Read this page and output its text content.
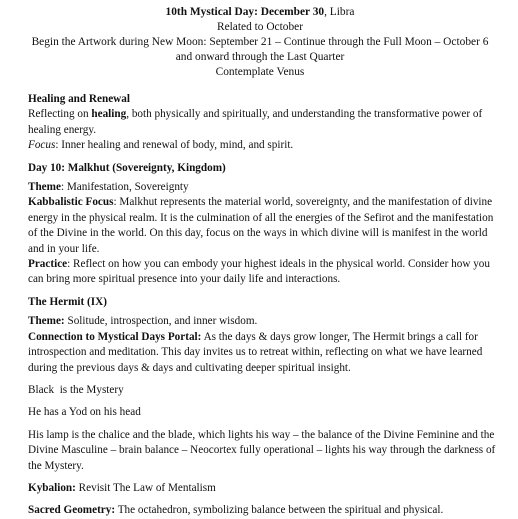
10th Mystical Day: December 30, Libra

Related to October

Begin the Artwork during New Moon: September 21 – Continue through the Full Moon – October 6

and onward through the Last Quarter

Contemplate Venus

Healing and Renewal

Reflecting on healing, both physically and spiritually, and understanding the transformative power of healing energy.

Focus: Inner healing and renewal of body, mind, and spirit.

Day 10: Malkhut (Sovereignty, Kingdom)

Theme: Manifestation, Sovereignty

Kabbalistic Focus: Malkhut represents the material world, sovereignty, and the manifestation of divine energy in the physical realm. It is the culmination of all the energies of the Sefirot and the manifestation of the Divine in the world. On this day, focus on the ways in which divine will is manifest in the world and in your life.

Practice: Reflect on how you can embody your highest ideals in the physical world. Consider how you can bring more spiritual presence into your daily life and interactions.

The Hermit (IX)

Theme: Solitude, introspection, and inner wisdom.

Connection to Mystical Days Portal: As the days & days grow longer, The Hermit brings a call for introspection and meditation. This day invites us to retreat within, reflecting on what we have learned during the previous days & days and cultivating deeper spiritual insight.

Black  is the Mystery

He has a Yod on his head

His lamp is the chalice and the blade, which lights his way – the balance of the Divine Feminine and the Divine Masculine – brain balance – Neocortex fully operational – lights his way through the darkness of the Mystery.

Kybalion: Revisit The Law of Mentalism

Sacred Geometry: The octahedron, symbolizing balance between the spiritual and physical.
